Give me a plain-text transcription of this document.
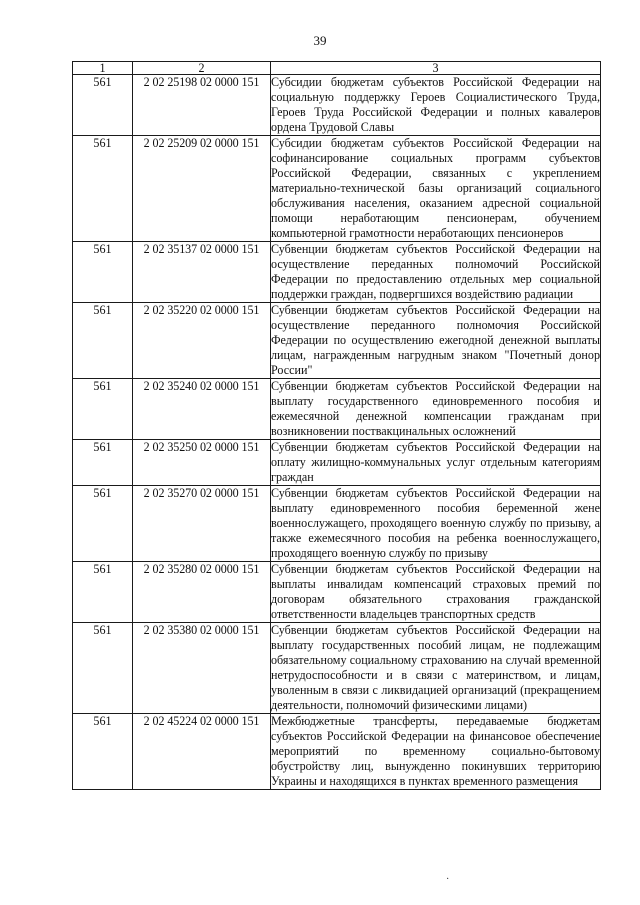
39
1	2	3
561	2 02 25198 02 0000 151	Субсидии бюджетам субъектов Российской Федерации на социальную поддержку Героев Социалистического Труда, Героев Труда Российской Федерации и полных кавалеров ордена Трудовой Славы
561	2 02 25209 02 0000 151	Субсидии бюджетам субъектов Российской Федерации на софинансирование социальных программ субъектов Российской Федерации, связанных с укреплением материально-технической базы организаций социального обслуживания населения, оказанием адресной социальной помощи неработающим пенсионерам, обучением компьютерной грамотности неработающих пенсионеров
561	2 02 35137 02 0000 151	Субвенции бюджетам субъектов Российской Федерации на осуществление переданных полномочий Российской Федерации по предоставлению отдельных мер социальной поддержки граждан, подвергшихся воздействию радиации
561	2 02 35220 02 0000 151	Субвенции бюджетам субъектов Российской Федерации на осуществление переданного полномочия Российской Федерации по осуществлению ежегодной денежной выплаты лицам, награжденным нагрудным знаком "Почетный донор России"
561	2 02 35240 02 0000 151	Субвенции бюджетам субъектов Российской Федерации на выплату государственного единовременного пособия и ежемесячной денежной компенсации гражданам при возникновении поствакцинальных осложнений
561	2 02 35250 02 0000 151	Субвенции бюджетам субъектов Российской Федерации на оплату жилищно-коммунальных услуг отдельным категориям граждан
561	2 02 35270 02 0000 151	Субвенции бюджетам субъектов Российской Федерации на выплату единовременного пособия беременной жене военнослужащего, проходящего военную службу по призыву, а также ежемесячного пособия на ребенка военнослужащего, проходящего военную службу по призыву
561	2 02 35280 02 0000 151	Субвенции бюджетам субъектов Российской Федерации на выплаты инвалидам компенсаций страховых премий по договорам обязательного страхования гражданской ответственности владельцев транспортных средств
561	2 02 35380 02 0000 151	Субвенции бюджетам субъектов Российской Федерации на выплату государственных пособий лицам, не подлежащим обязательному социальному страхованию на случай временной нетрудоспособности и в связи с материнством, и лицам, уволенным в связи с ликвидацией организаций (прекращением деятельности, полномочий физическими лицами)
561	2 02 45224 02 0000 151	Межбюджетные трансферты, передаваемые бюджетам субъектов Российской Федерации на финансовое обеспечение мероприятий по временному социально-бытовому обустройству лиц, вынужденно покинувших территорию Украины и находящихся в пунктах временного размещения
·
